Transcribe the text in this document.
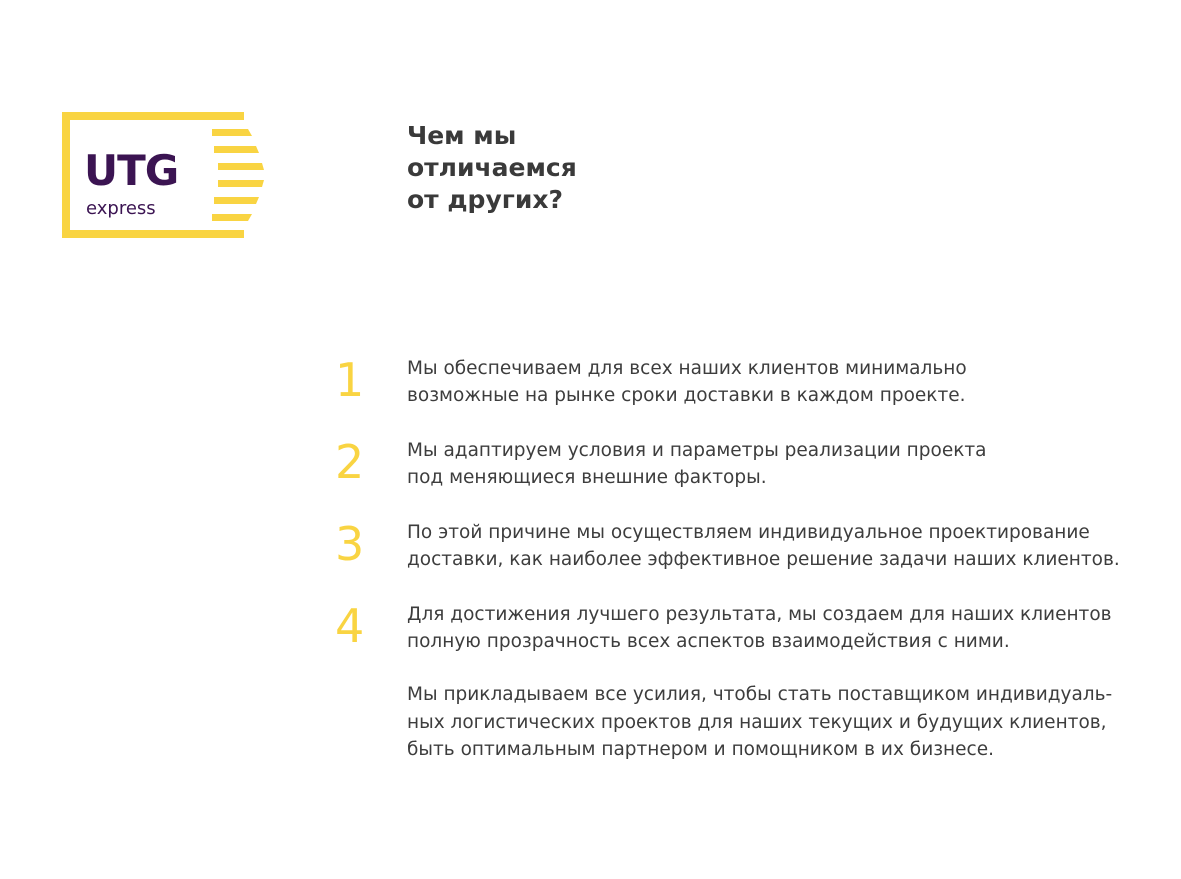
UTG
express
Чем мы
отличаемся
от других?
1	Мы обеспечиваем для всех наших клиентов минимально
возможные на рынке сроки доставки в каждом проекте.
2	Мы адаптируем условия и параметры реализации проекта
под меняющиеся внешние факторы.
3	По этой причине мы осуществляем индивидуальное проектирование
доставки, как наиболее эффективное решение задачи наших клиентов.
4	Для достижения лучшего результата, мы создаем для наших клиентов
полную прозрачность всех аспектов взаимодействия с ними.

Мы прикладываем все усилия, чтобы стать поставщиком индивидуаль-
ных логистических проектов для наших текущих и будущих клиентов,
быть оптимальным партнером и помощником в их бизнесе.
